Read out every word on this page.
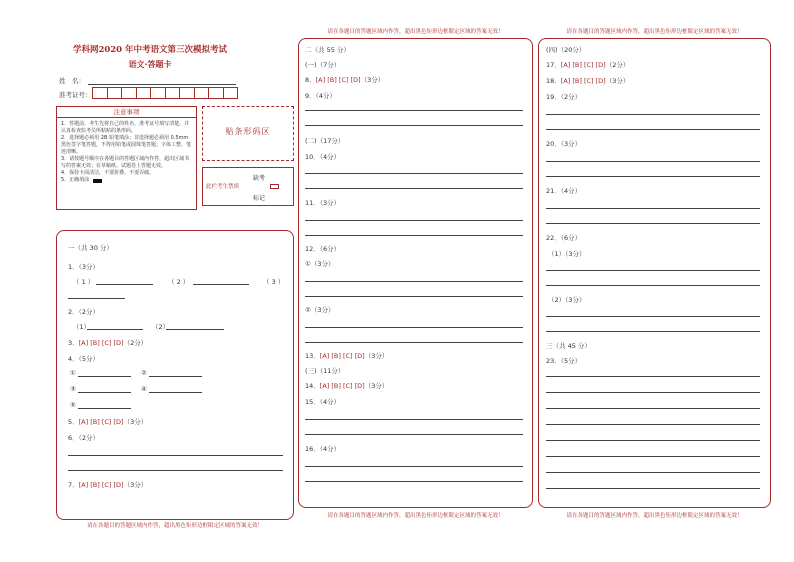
学科网2020 年中考语文第三次模拟考试
语文·答题卡
姓　名：
准考证号：
注意事项
1．答题前，考生先将自己的姓名，准考证号填写清楚，并认真检查监考员所粘贴的条形码。
2．选择题必须用 2B 铅笔填涂；非选择题必须用 0.5mm 黑色签字笔答题，不得用铅笔或圆珠笔答题；字体工整、笔迹清晰。
3．请按题号顺序在各题目的答题区域内作答，超出区域书写的答案无效；在草稿纸、试题卷上答题无效。
4．保持卡面清洁，不要折叠、不要弄破。
5．正确填涂
贴条形码区
此栏考生禁填
缺考
标记
一（共 30 分）
1．（3分）
（ 1 ）	（ 2 ）	（ 3 ）
2．（2分）
（1）	（2）
3．[A] [B] [C] [D]（2分）
4．（5分）
①	②
③	④
⑤
5．[A] [B] [C] [D]（3分）
6．（2分）
7．[A] [B] [C] [D]（3分）
请在各题目的答题区域内作答，超出黑色矩形边框限定区域的答案无效！
请在各题目的答题区域内作答，超出黑色矩形边框限定区域的答案无效！
二（共 55 分）
(一)（7分）
8．[A] [B] [C] [D]（3分）
9．（4分）
(二)（17分）
10．（4分）
11．（3分）
12．（6分）
①（3分）
②（3分）
13．[A] [B] [C] [D]（3分）
(三)（11分）
14．[A] [B] [C] [D]（3分）
15．（4分）
16．（4分）
请在各题目的答题区域内作答，超出黑色矩形边框限定区域的答案无效！
请在各题目的答题区域内作答，超出黑色矩形边框限定区域的答案无效！
(四)（20分）
17．[A] [B] [C] [D]（2分）
18．[A] [B] [C] [D]（3分）
19．（2分）
20．（3分）
21．（4分）
22．（6分）
（1）（3分）
（2）（3分）
三（共 45 分）
23．（5分）
请在各题目的答题区域内作答，超出黑色矩形边框限定区域的答案无效！
